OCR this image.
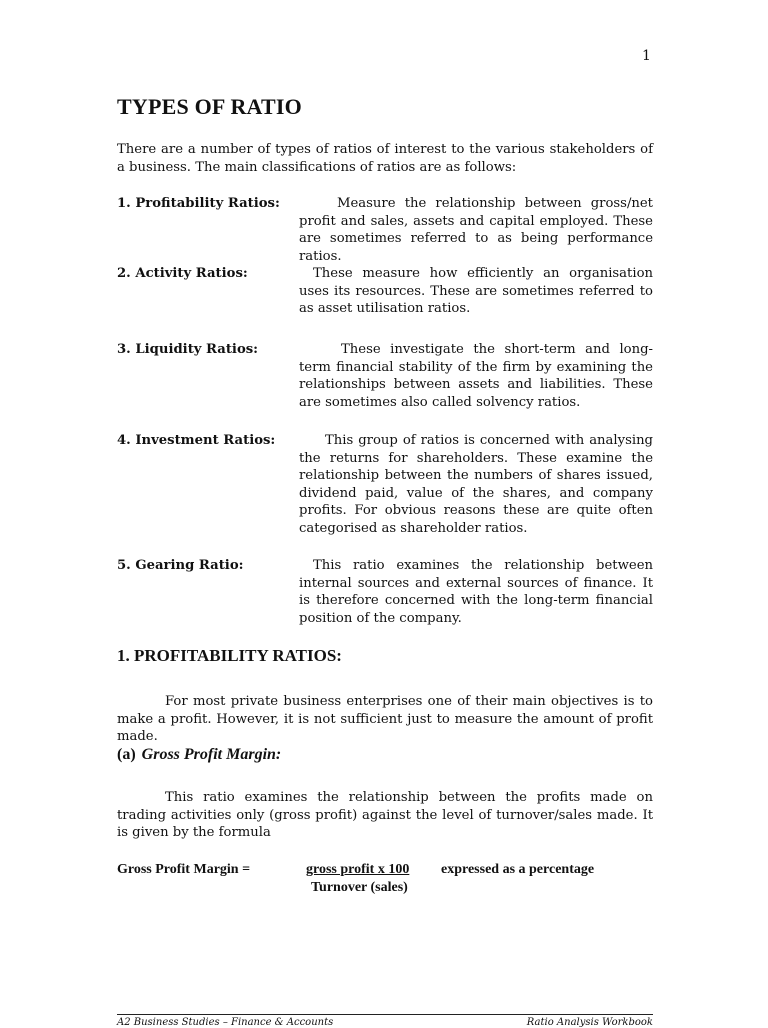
1
TYPES OF RATIO

There are a number of types of ratios of interest to the various stakeholders of a business. The main classifications of ratios are as follows:

1. Profitability Ratios:	Measure the relationship between gross/net profit and sales, assets and capital employed. These are sometimes referred to as being performance ratios.

2. Activity Ratios:	These measure how efficiently an organisation uses its resources. These are sometimes referred to as asset utilisation ratios.

3. Liquidity Ratios:	These investigate the short-term and long-term financial stability of the firm by examining the relationships between assets and liabilities. These are sometimes also called solvency ratios.

4. Investment Ratios:	This group of ratios is concerned with analysing the returns for shareholders. These examine the relationship between the numbers of shares issued, dividend paid, value of the shares, and company profits. For obvious reasons these are quite often categorised as shareholder ratios.

5. Gearing Ratio:	This ratio examines the relationship between internal sources and external sources of finance. It is therefore concerned with the long-term financial position of the company.

1. PROFITABILITY RATIOS:

For most private business enterprises one of their main objectives is to make a profit. However, it is not sufficient just to measure the amount of profit made.

(a) Gross Profit Margin:

This ratio examines the relationship between the profits made on trading activities only (gross profit) against the level of turnover/sales made. It is given by the formula

Gross Profit Margin =	gross profit x 100 expressed as a percentage
Turnover (sales)
A2 Business Studies – Finance & Accounts	Ratio Analysis Workbook
